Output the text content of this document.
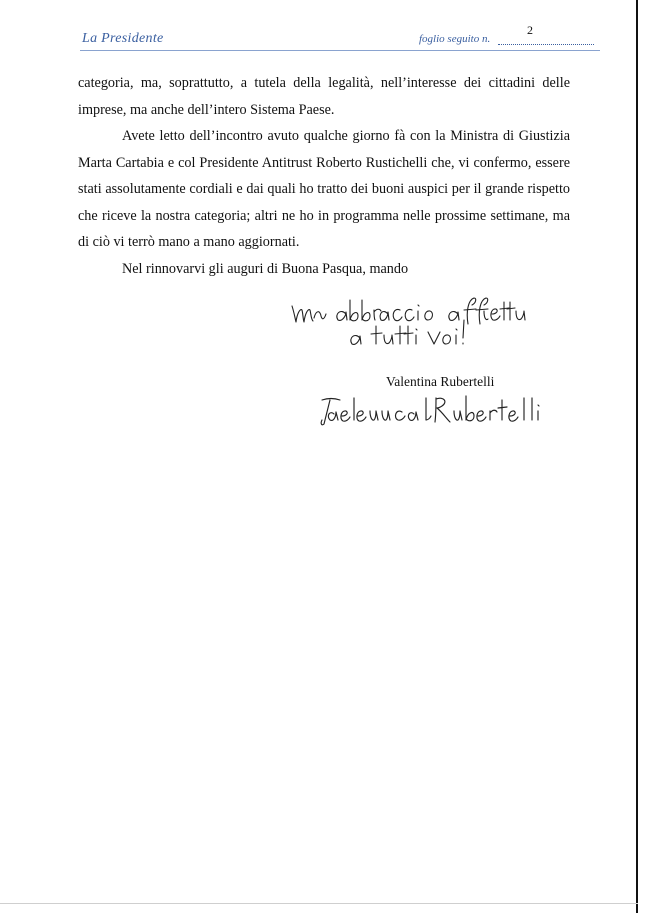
La Presidente	foglio seguito n.
2

categoria, ma, soprattutto, a tutela della legalità, nell’interesse dei cittadini delle imprese, ma anche dell’intero Sistema Paese.

Avete letto dell’incontro avuto qualche giorno fà con la Ministra di Giustizia Marta Cartabia e col Presidente Antitrust Roberto Rustichelli che, vi confermo, essere stati assolutamente cordiali e dai quali ho tratto dei buoni auspici per il grande rispetto che riceve la nostra categoria; altri ne ho in programma nelle prossime settimane, ma di ciò vi terrò mano a mano aggiornati.

Nel rinnovarvi gli auguri di Buona Pasqua, mando

Valentina Rubertelli
